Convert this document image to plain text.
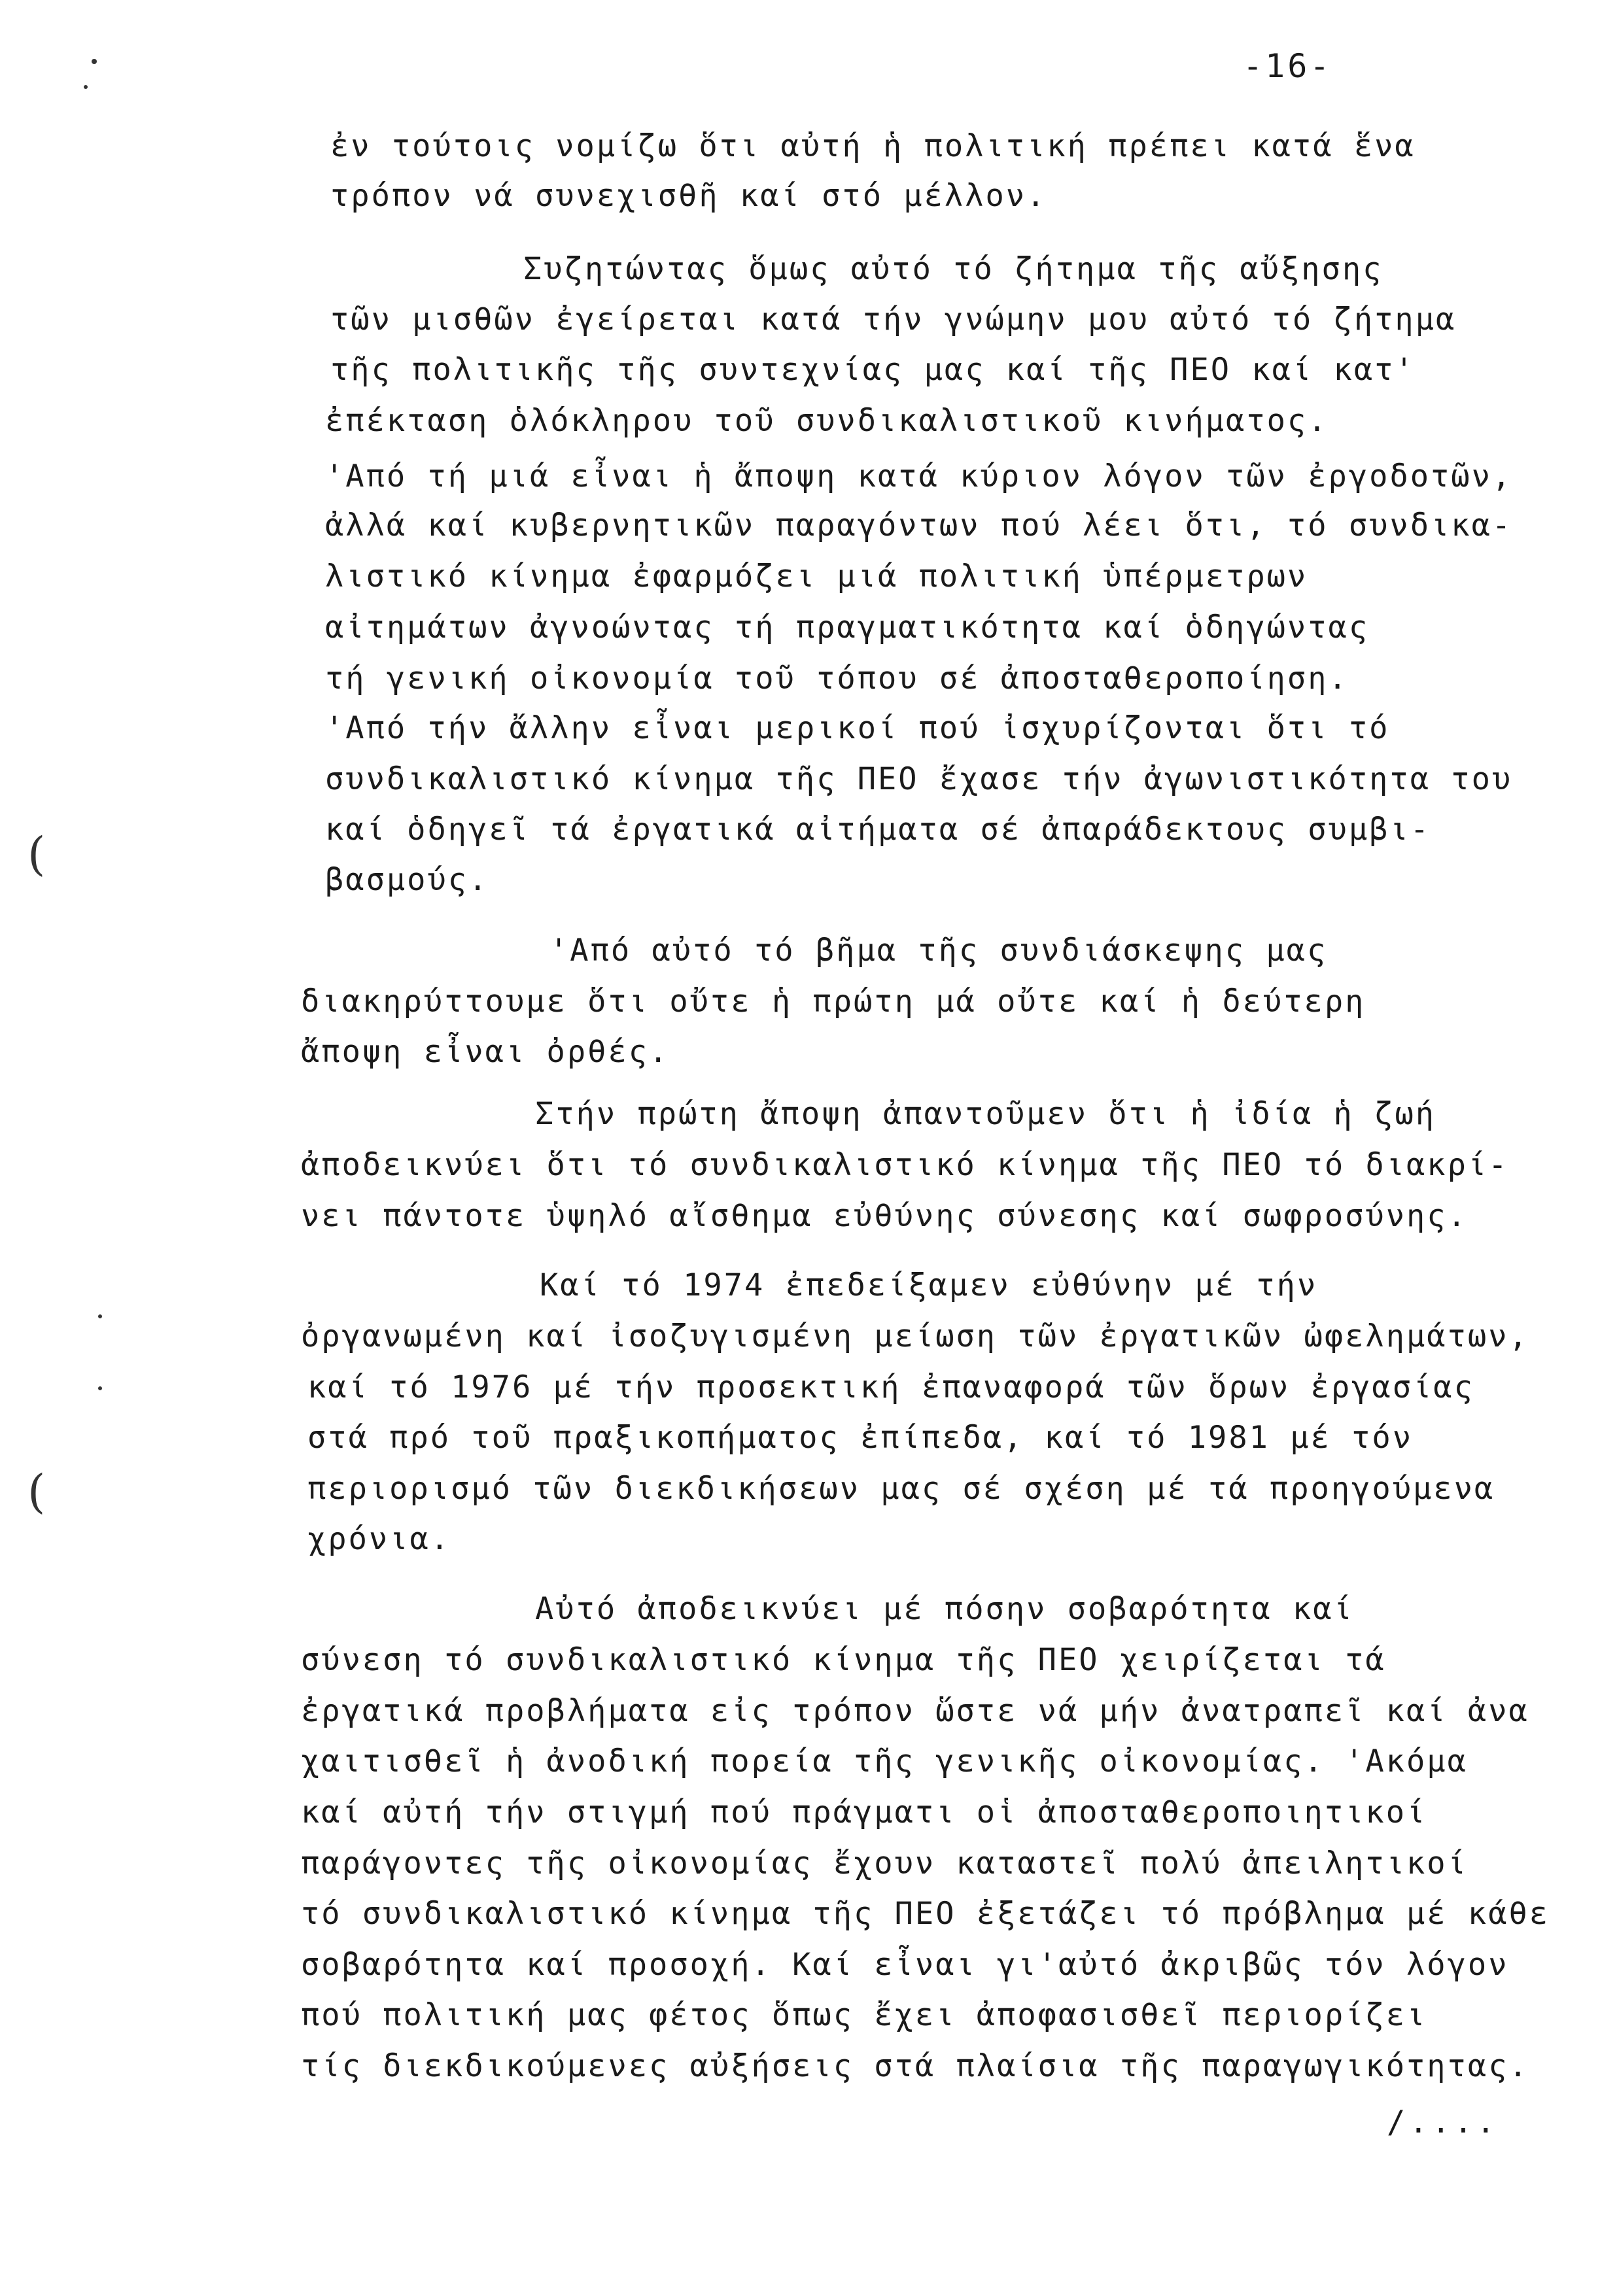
-16-
ἐν τούτοις νομίζω ὅτι αὐτή ἡ πολιτική πρέπει κατά ἕνα
τρόπον νά συνεχισθῆ καί στό μέλλον.
Συζητώντας ὅμως αὐτό τό ζήτημα τῆς αὔξησης
τῶν μισθῶν ἐγείρεται κατά τήν γνώμην μου αὐτό τό ζήτημα
τῆς πολιτικῆς τῆς συντεχνίας μας καί τῆς ΠΕΟ καί κατ'
ἐπέκταση ὁλόκληρου τοῦ συνδικαλιστικοῦ κινήματος.
'Από τή μιά εἶναι ἡ ἄποψη κατά κύριον λόγον τῶν ἐργοδοτῶν,
ἀλλά καί κυβερνητικῶν παραγόντων πού λέει ὅτι, τό συνδικα-
λιστικό κίνημα ἐφαρμόζει μιά πολιτική ὑπέρμετρων
αἰτημάτων ἀγνοώντας τή πραγματικότητα καί ὁδηγώντας
τή γενική οἰκονομία τοῦ τόπου σέ ἀποσταθεροποίηση.
'Από τήν ἄλλην εἶναι μερικοί πού ἰσχυρίζονται ὅτι τό
συνδικαλιστικό κίνημα τῆς ΠΕΟ ἔχασε τήν ἀγωνιστικότητα του
καί ὁδηγεῖ τά ἐργατικά αἰτήματα σέ ἀπαράδεκτους συμβι-
βασμούς.
'Από αὐτό τό βῆμα τῆς συνδιάσκεψης μας
διακηρύττουμε ὅτι οὔτε ἡ πρώτη μά οὔτε καί ἡ δεύτερη
ἄποψη εἶναι ὀρθές.
Στήν πρώτη ἄποψη ἀπαντοῦμεν ὅτι ἡ ἰδία ἡ ζωή
ἀποδεικνύει ὅτι τό συνδικαλιστικό κίνημα τῆς ΠΕΟ τό διακρί-
νει πάντοτε ὑψηλό αἴσθημα εὐθύνης σύνεσης καί σωφροσύνης.
Καί τό 1974 ἐπεδείξαμεν εὐθύνην μέ τήν
ὀργανωμένη καί ἰσοζυγισμένη μείωση τῶν ἐργατικῶν ὠφελημάτων,
καί τό 1976 μέ τήν προσεκτική ἐπαναφορά τῶν ὅρων ἐργασίας
στά πρό τοῦ πραξικοπήματος ἐπίπεδα, καί τό 1981 μέ τόν
περιορισμό τῶν διεκδικήσεων μας σέ σχέση μέ τά προηγούμενα
χρόνια.
Αὐτό ἀποδεικνύει μέ πόσην σοβαρότητα καί
σύνεση τό συνδικαλιστικό κίνημα τῆς ΠΕΟ χειρίζεται τά
ἐργατικά προβλήματα εἰς τρόπον ὥστε νά μήν ἀνατραπεῖ καί ἀνα
χαιτισθεῖ ἡ ἀνοδική πορεία τῆς γενικῆς οἰκονομίας. 'Ακόμα
καί αὐτή τήν στιγμή πού πράγματι οἱ ἀποσταθεροποιητικοί
παράγοντες τῆς οἰκονομίας ἔχουν καταστεῖ πολύ ἀπειλητικοί
τό συνδικαλιστικό κίνημα τῆς ΠΕΟ ἐξετάζει τό πρόβλημα μέ κάθε
σοβαρότητα καί προσοχή. Καί εἶναι γι'αὐτό ἀκριβῶς τόν λόγον
πού πολιτική μας φέτος ὅπως ἔχει ἀποφασισθεῖ περιορίζει
τίς διεκδικούμενες αὐξήσεις στά πλαίσια τῆς παραγωγικότητας.
/....
(
(
